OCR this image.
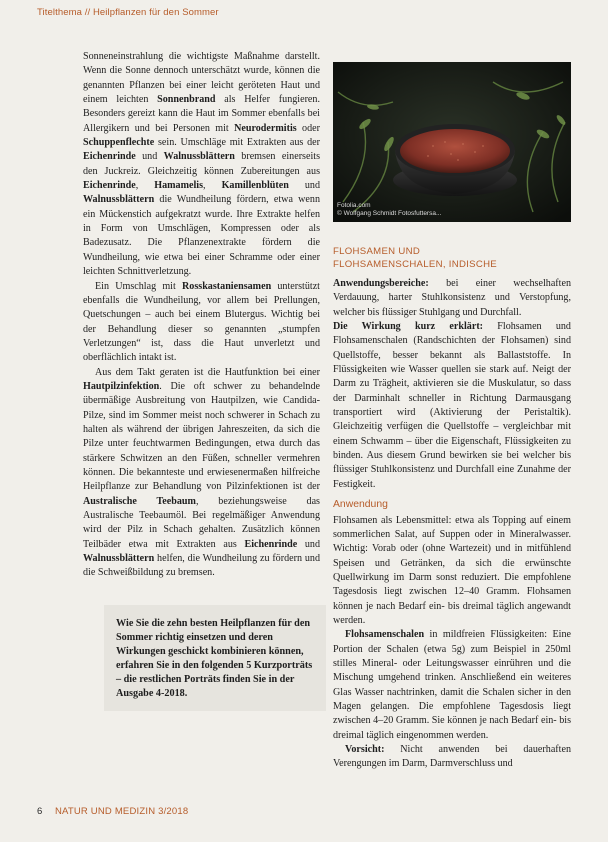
Titelthema // Heilpflanzen für den Sommer

Sonneneinstrahlung die wichtigste Maßnahme darstellt. Wenn die Sonne dennoch unterschätzt wurde, können die genannten Pflanzen bei einer leicht geröteten Haut und einem leichten Sonnenbrand als Helfer fungieren. Besonders gereizt kann die Haut im Sommer ebenfalls bei Allergikern und bei Personen mit Neurodermitis oder Schuppenflechte sein. Umschläge mit Extrakten aus der Eichenrinde und Walnussblättern bremsen einerseits den Juckreiz. Gleichzeitig können Zubereitungen aus Eichenrinde, Hamamelis, Kamillenblüten und Walnussblättern die Wundheilung fördern, etwa wenn ein Mückenstich aufgekratzt wurde. Ihre Extrakte helfen in Form von Umschlägen, Kompressen oder als Badezusatz. Die Pflanzenextrakte fördern die Wundheilung, wie etwa bei einer Schramme oder einer leichten Schnittverletzung.

Ein Umschlag mit Rosskastaniensamen unterstützt ebenfalls die Wundheilung, vor allem bei Prellungen, Quetschungen – auch bei einem Blutergus. Wichtig bei der Behandlung dieser so genannten „stumpfen Verletzungen“ ist, dass die Haut unverletzt und oberflächlich intakt ist.

Aus dem Takt geraten ist die Hautfunktion bei einer Hautpilzinfektion. Die oft schwer zu behandelnde übermäßige Ausbreitung von Hautpilzen, wie Candida-Pilze, sind im Sommer meist noch schwerer in Schach zu halten als während der übrigen Jahreszeiten, da sich die Pilze unter feuchtwarmen Bedingungen, etwa durch das stärkere Schwitzen an den Füßen, schneller vermehren können. Die bekannteste und erwiesenermaßen hilfreiche Heilpflanze zur Behandlung von Pilzinfektionen ist der Australische Teebaum, beziehungsweise das Australische Teebaumöl. Bei regelmäßiger Anwendung wird der Pilz in Schach gehalten. Zusätzlich können Teilbäder etwa mit Extrakten aus Eichenrinde und Walnussblättern helfen, die Wundheilung zu fördern und die Schweißbildung zu bremsen.

Wie Sie die zehn besten Heilpflanzen für den Sommer richtig einsetzen und deren Wirkungen geschickt kombinieren können, erfahren Sie in den folgenden 5 Kurzporträts – die restlichen Porträts finden Sie in der Ausgabe 4-2018.
Fotolia.com
© Wolfgang Schmidt Fotosfuttersa...
FLOHSAMEN UND
FLOHSAMENSCHALEN, INDISCHE

Anwendungsbereiche: bei einer wechselhaften Verdauung, harter Stuhlkonsistenz und Verstopfung, welcher bis flüssiger Stuhlgang und Durchfall.

Die Wirkung kurz erklärt: Flohsamen und Flohsamenschalen (Randschichten der Flohsamen) sind Quellstoffe, besser bekannt als Ballaststoffe. In Flüssigkeiten wie Wasser quellen sie stark auf. Neigt der Darm zu Trägheit, aktivieren sie die Muskulatur, so dass der Darminhalt schneller in Richtung Darmausgang transportiert wird (Aktivierung der Peristaltik). Gleichzeitig verfügen die Quellstoffe – vergleichbar mit einem Schwamm – über die Eigenschaft, Flüssigkeiten zu binden. Aus diesem Grund bewirken sie bei welcher bis flüssiger Stuhlkonsistenz und Durchfall eine Zunahme der Festigkeit.

Anwendung

Flohsamen als Lebensmittel: etwa als Topping auf einem sommerlichen Salat, auf Suppen oder in Mineralwasser. Wichtig: Vorab oder (ohne Wartezeit) und in mitfühlend Speisen und Getränken, da sich die erwünschte Quellwirkung im Darm sonst reduziert. Die empfohlene Tagesdosis liegt zwischen 12–40 Gramm. Flohsamen können je nach Bedarf ein- bis dreimal täglich angewandt werden.

Flohsamenschalen in mildfreien Flüssigkeiten: Eine Portion der Schalen (etwa 5g) zum Beispiel in 250ml stilles Mineral- oder Leitungswasser einrühren und die Mischung umgehend trinken. Anschließend ein weiteres Glas Wasser nachtrinken, damit die Schalen sicher in den Magen gelangen. Die empfohlene Tagesdosis liegt zwischen 4–20 Gramm. Sie können je nach Bedarf ein- bis dreimal täglich eingenommen werden.

Vorsicht: Nicht anwenden bei dauerhaften Verengungen im Darm, Darmverschluss und

6 NATUR UND MEDIZIN 3/2018
